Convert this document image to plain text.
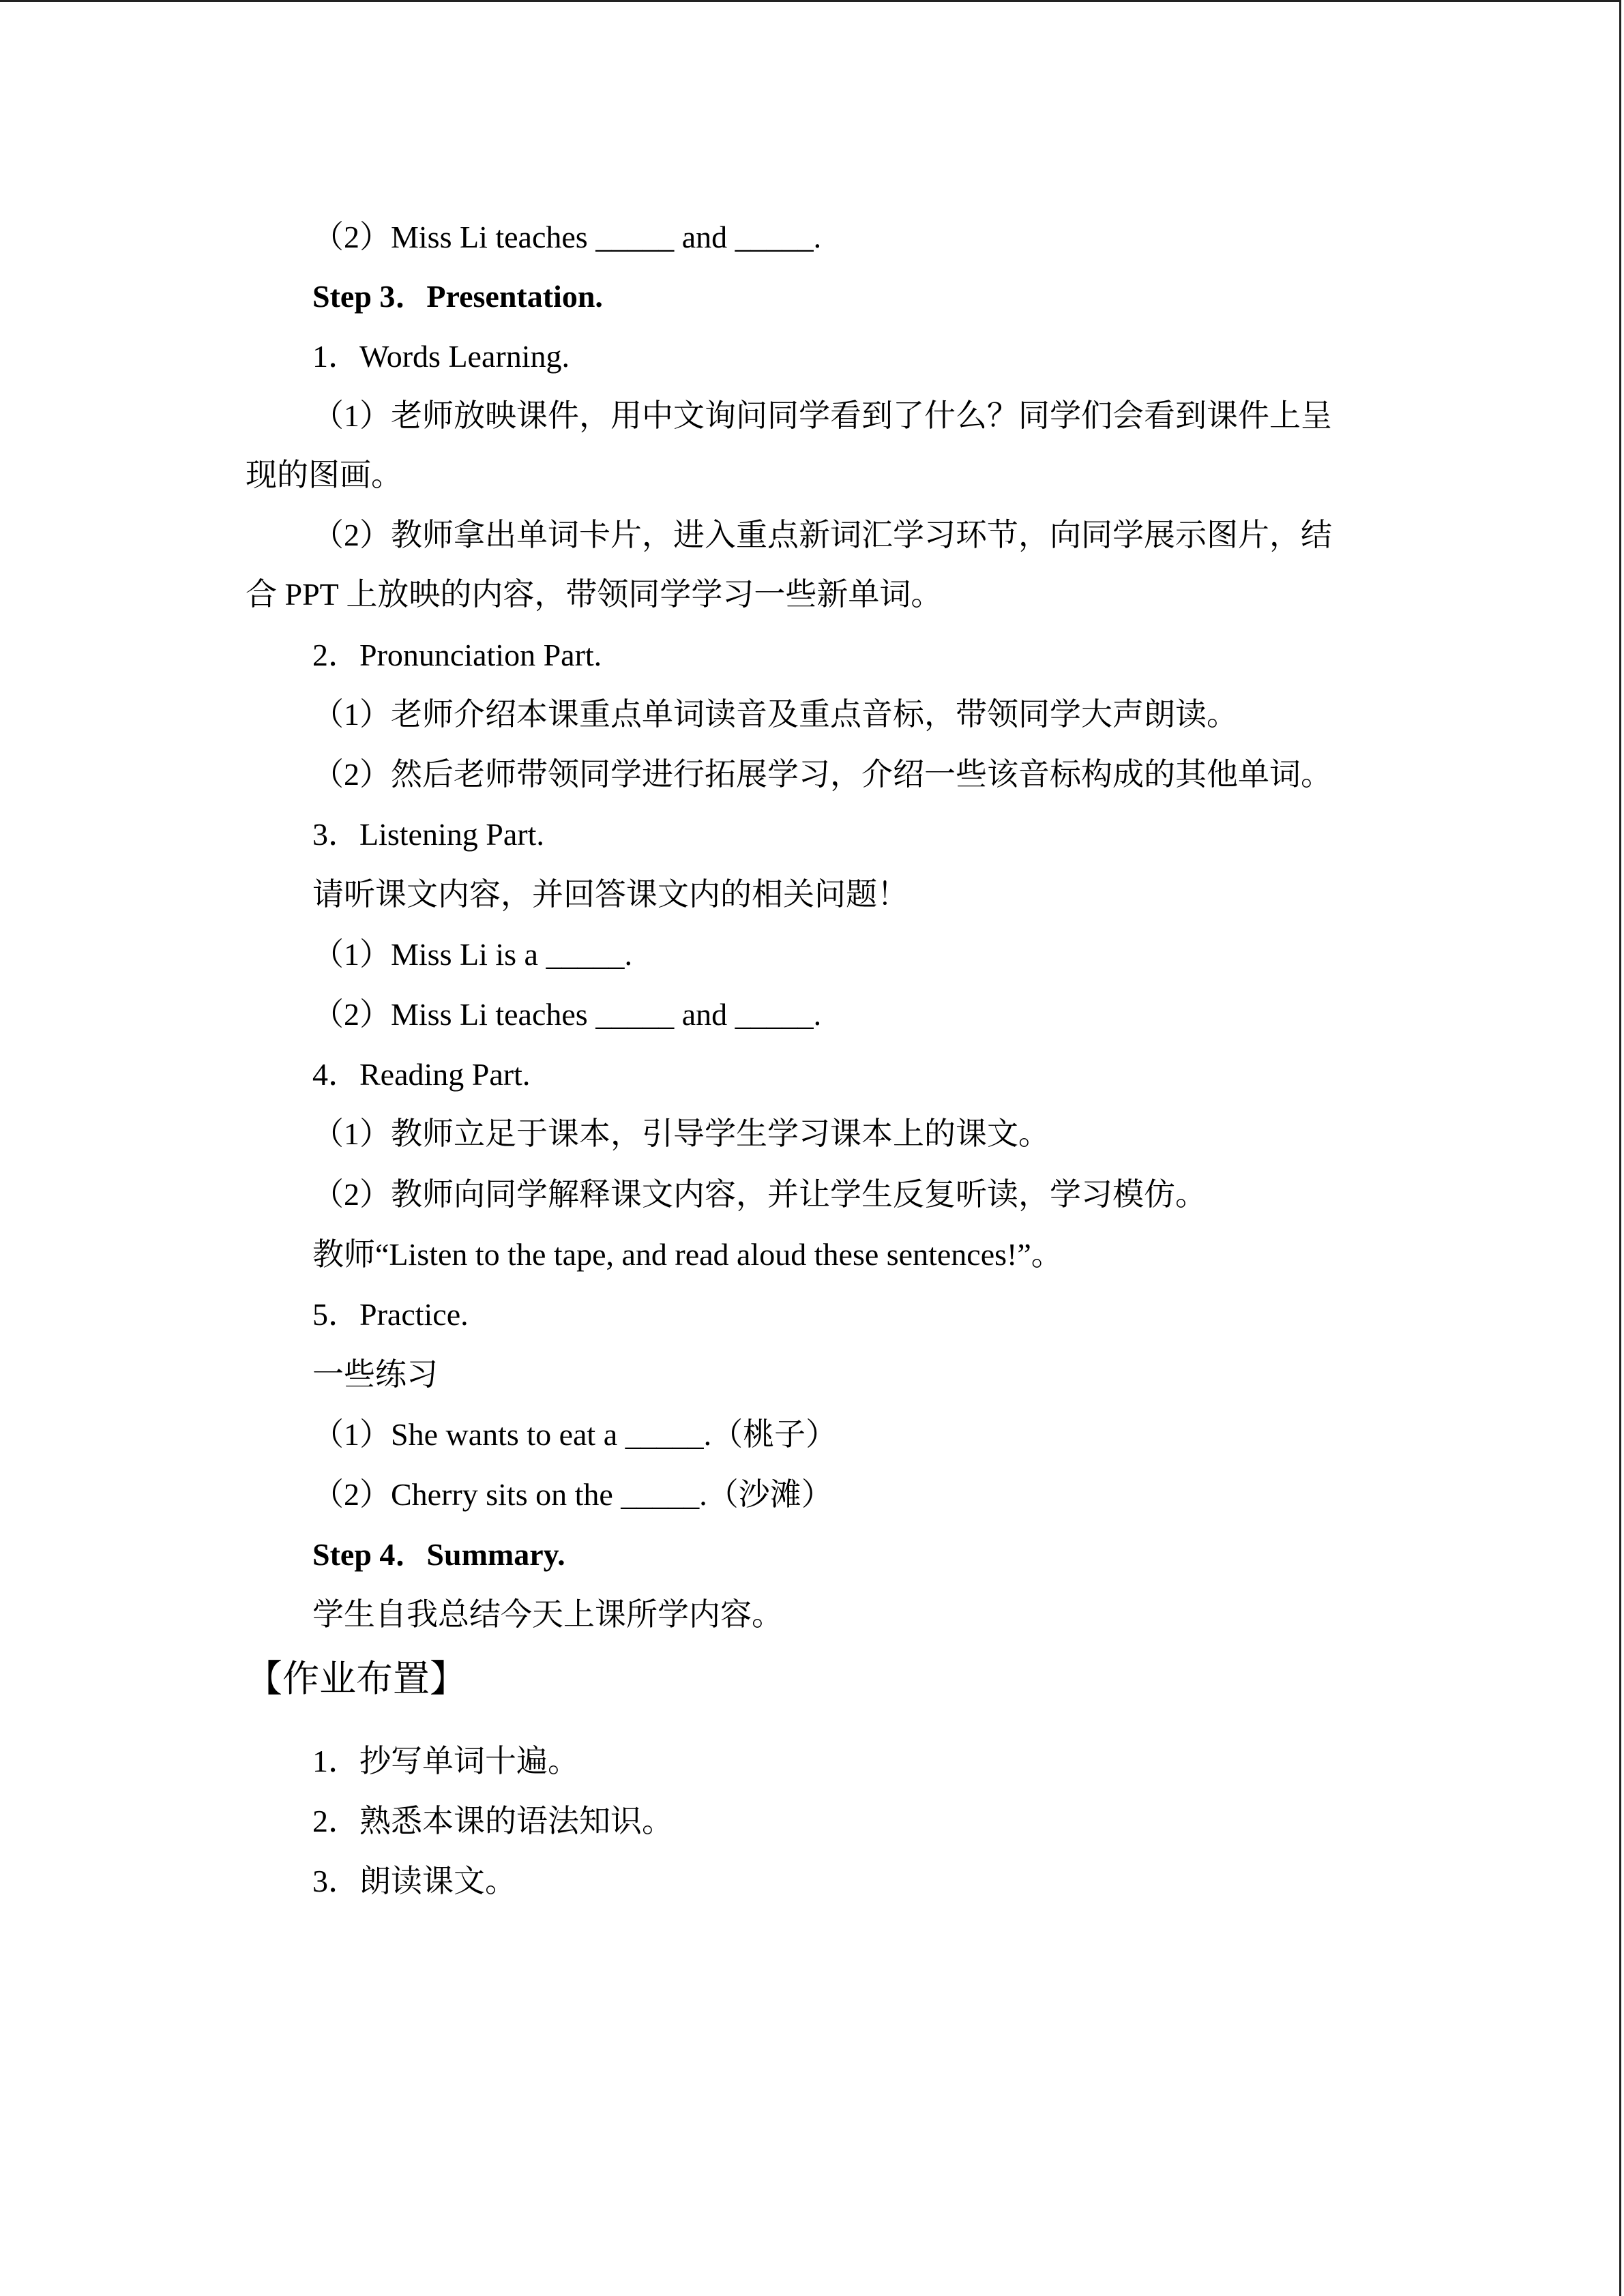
（2）Miss Li teaches _____ and _____.
Step 3．Presentation.
1．Words Learning.
（1）老师放映课件，用中文询问同学看到了什么？同学们会看到课件上呈
现的图画。
（2）教师拿出单词卡片，进入重点新词汇学习环节，向同学展示图片，结
合 PPT 上放映的内容，带领同学学习一些新单词。
2．Pronunciation Part.
（1）老师介绍本课重点单词读音及重点音标，带领同学大声朗读。
（2）然后老师带领同学进行拓展学习，介绍一些该音标构成的其他单词。
3．Listening Part.
请听课文内容，并回答课文内的相关问题！
（1）Miss Li is a _____.
（2）Miss Li teaches _____ and _____.
4．Reading Part.
（1）教师立足于课本，引导学生学习课本上的课文。
（2）教师向同学解释课文内容，并让学生反复听读，学习模仿。
教师“Listen to the tape, and read aloud these sentences!”。
5．Practice.
一些练习
（1）She wants to eat a _____.（桃子）
（2）Cherry sits on the _____.（沙滩）
Step 4．Summary.
学生自我总结今天上课所学内容。
【作业布置】
1．抄写单词十遍。
2．熟悉本课的语法知识。
3．朗读课文。
